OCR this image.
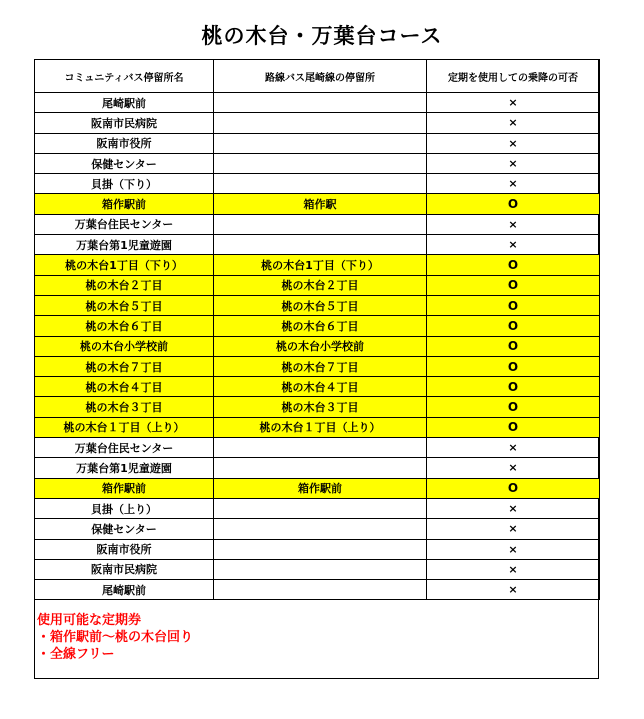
桃の木台・万葉台コース
コミュニティバス停留所名	路線バス尾崎線の停留所	定期を使用しての乗降の可否
尾崎駅前		×
阪南市民病院		×
阪南市役所		×
保健センター		×
貝掛（下り）		×
箱作駅前	箱作駅	O
万葉台住民センター		×
万葉台第1児童遊園		×
桃の木台1丁目（下り）	桃の木台1丁目（下り）	O
桃の木台２丁目	桃の木台２丁目	O
桃の木台５丁目	桃の木台５丁目	O
桃の木台６丁目	桃の木台６丁目	O
桃の木台小学校前	桃の木台小学校前	O
桃の木台７丁目	桃の木台７丁目	O
桃の木台４丁目	桃の木台４丁目	O
桃の木台３丁目	桃の木台３丁目	O
桃の木台１丁目（上り）	桃の木台１丁目（上り）	O
万葉台住民センター		×
万葉台第1児童遊園		×
箱作駅前	箱作駅前	O
貝掛（上り）		×
保健センター		×
阪南市役所		×
阪南市民病院		×
尾崎駅前		×
使用可能な定期券
・箱作駅前～桃の木台回り
・全線フリー
